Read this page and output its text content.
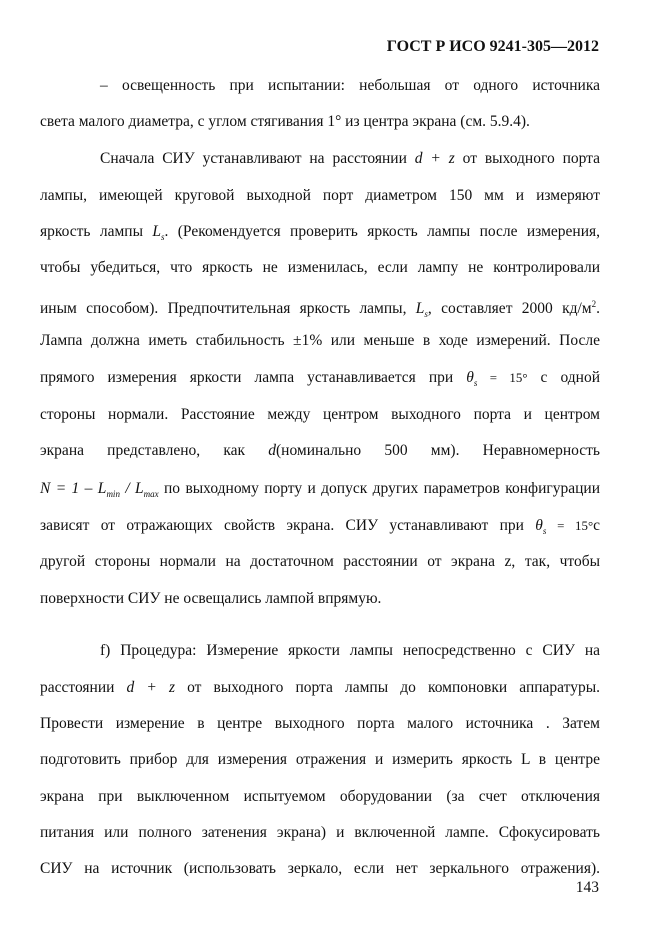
ГОСТ Р ИСО 9241-305—2012
– освещенность при испытании: небольшая от одного источника
света малого диаметра, с углом стягивания 1° из центра экрана (см. 5.9.4).
Сначала СИУ устанавливают на расстоянии d + z от выходного порта
лампы, имеющей круговой выходной порт диаметром 150 мм и измеряют
яркость лампы $L_s$. (Рекомендуется проверить яркость лампы после измерения,
чтобы убедиться, что яркость не изменилась, если лампу не контролировали
иным способом). Предпочтительная яркость лампы, $L_s$, составляет 2000 $кд/м^2$.
Лампа должна иметь стабильность ±1% или меньше в ходе измерений. После
прямого измерения яркости лампа устанавливается при $\theta_s = 15^\circ$ с одной
стороны нормали. Расстояние между центром выходного порта и центром
экрана представлено, как d(номинально 500 мм). Неравномерность
$N = 1 - L_{min} / L_{max}$ по выходному порту и допуск других параметров конфигурации
зависят от отражающих свойств экрана. СИУ устанавливают при $\theta_s = 15^\circ с$
другой стороны нормали на достаточном расстоянии от экрана z, так, чтобы
поверхности СИУ не освещались лампой впрямую.
f) Процедура: Измерение яркости лампы непосредственно с СИУ на
расстоянии d + z от выходного порта лампы до компоновки аппаратуры.
Провести измерение в центре выходного порта малого источника . Затем
подготовить прибор для измерения отражения и измерить яркость L в центре
экрана при выключенном испытуемом оборудовании (за счет отключения
питания или полного затенения экрана) и включенной лампе. Сфокусировать
СИУ на источник (использовать зеркало, если нет зеркального отражения).
143
